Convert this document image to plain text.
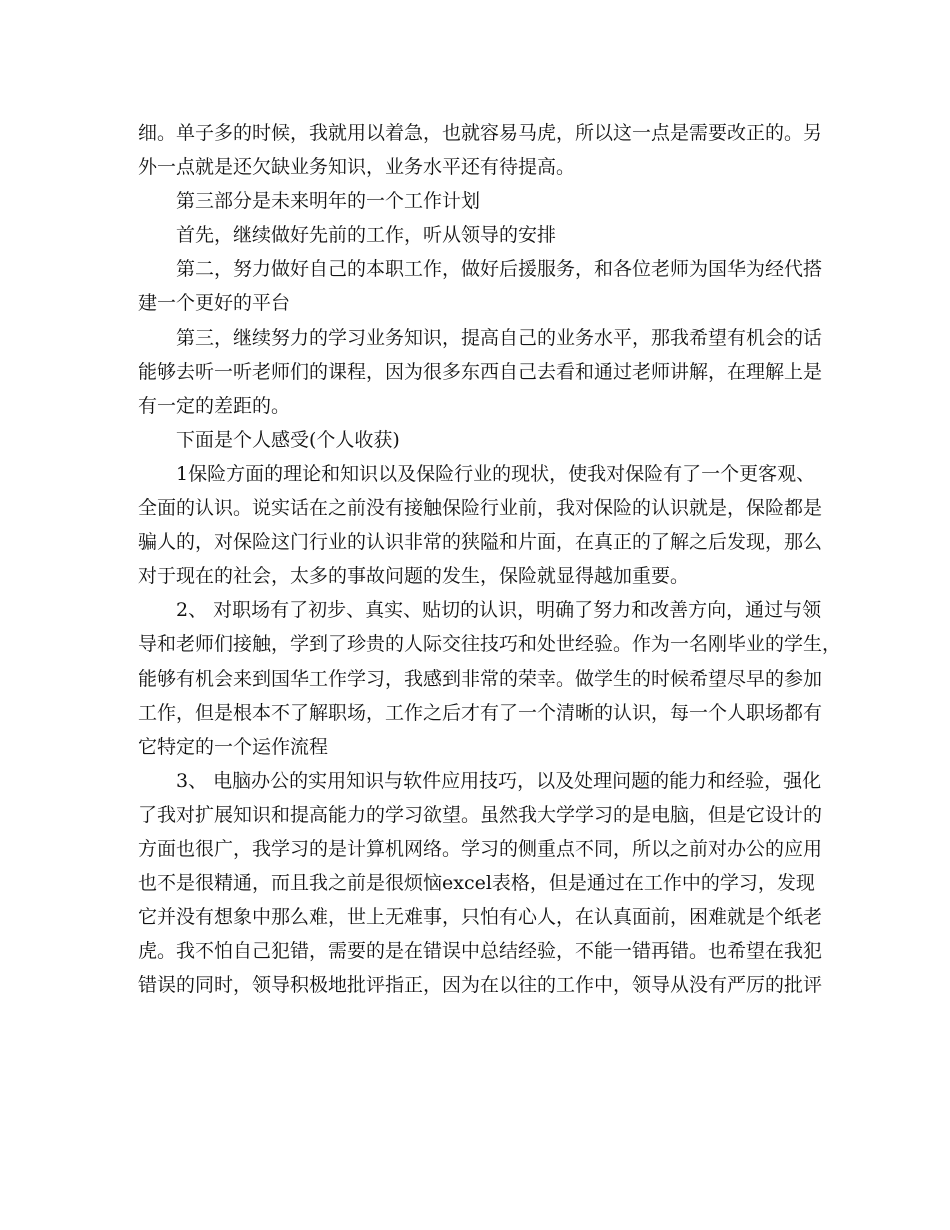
细。单子多的时候，我就用以着急，也就容易马虎，所以这一点是需要改正的。另
外一点就是还欠缺业务知识，业务水平还有待提高。
第三部分是未来明年的一个工作计划
首先，继续做好先前的工作，听从领导的安排
第二，努力做好自己的本职工作，做好后援服务，和各位老师为国华为经代搭
建一个更好的平台
第三，继续努力的学习业务知识，提高自己的业务水平，那我希望有机会的话
能够去听一听老师们的课程，因为很多东西自己去看和通过老师讲解，在理解上是
有一定的差距的。
下面是个人感受(个人收获)
1保险方面的理论和知识以及保险行业的现状，使我对保险有了一个更客观、
全面的认识。说实话在之前没有接触保险行业前，我对保险的认识就是，保险都是
骗人的，对保险这门行业的认识非常的狭隘和片面，在真正的了解之后发现，那么
对于现在的社会，太多的事故问题的发生，保险就显得越加重要。
2、 对职场有了初步、真实、贴切的认识，明确了努力和改善方向，通过与领
导和老师们接触，学到了珍贵的人际交往技巧和处世经验。作为一名刚毕业的学生，
能够有机会来到国华工作学习，我感到非常的荣幸。做学生的时候希望尽早的参加
工作，但是根本不了解职场，工作之后才有了一个清晰的认识，每一个人职场都有
它特定的一个运作流程
3、 电脑办公的实用知识与软件应用技巧，以及处理问题的能力和经验，强化
了我对扩展知识和提高能力的学习欲望。虽然我大学学习的是电脑，但是它设计的
方面也很广，我学习的是计算机网络。学习的侧重点不同，所以之前对办公的应用
也不是很精通，而且我之前是很烦恼excel表格，但是通过在工作中的学习，发现
它并没有想象中那么难，世上无难事，只怕有心人，在认真面前，困难就是个纸老
虎。我不怕自己犯错，需要的是在错误中总结经验，不能一错再错。也希望在我犯
错误的同时，领导积极地批评指正，因为在以往的工作中，领导从没有严厉的批评
